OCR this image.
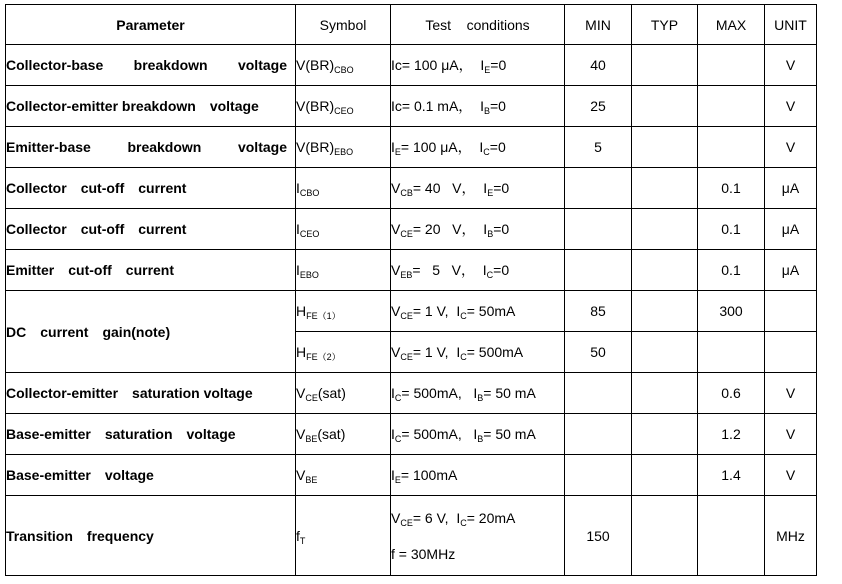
Parameter	Symbol	Test    conditions	MIN	TYP	MAX	UNIT

Collector-base breakdown voltage	$V(BR)_{CBO}$	Ic= 100 μA， $I_E=0$	40			V

Collector-emitter breakdown voltage	$V(BR)_{CEO}$	Ic= 0.1 mA， $I_B=0$	25			V

Emitter-base breakdown voltage	$V(BR)_{EBO}$	$I_E= 100$ μA， $I_C=0$	5			V

Collector cut-off current	$I_{CBO}$	$V_{CB}= 40$   V， $I_E=0$			0.1	μA

Collector cut-off current	$I_{CEO}$	$V_{CE}= 20$   V， $I_B=0$			0.1	μA

Emitter cut-off current	$I_{EBO}$	$V_{EB}= 5$   V， $I_C=0$			0.1	μA

DC current gain(note)	$H_{FE(1)}$	$V_{CE}= 1$ V, $I_C= 50mA$	85		300	
	$H_{FE(2)}$	$V_{CE}= 1$ V, $I_C= 500mA$	50			

Collector-emitter saturation voltage	$V_{CE}(sat)$	$I_C= 500mA$,   $I_B= 50$ mA			0.6	V

Base-emitter saturation voltage	$V_{BE}(sat)$	$I_C= 500mA$,   $I_B= 50$ mA			1.2	V

Base-emitter voltage	$V_{BE}$	$I_E= 100mA$			1.4	V

Transition frequency	$f_T$	$V_{CE}= 6$ V, $I_C= 20mA$
f = 30MHz	150			MHz
